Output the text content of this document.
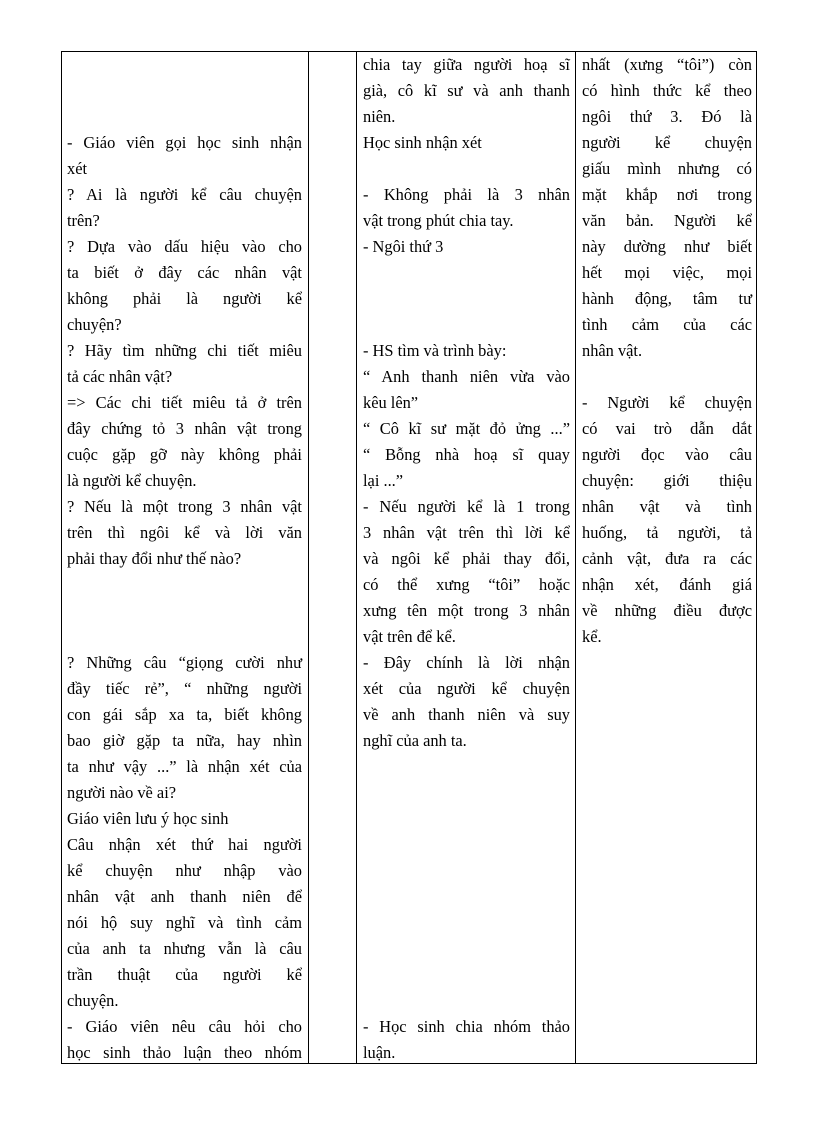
- Giáo viên gọi học sinh nhận
xét
? Ai là người kể câu chuyện
trên?
? Dựa vào dấu hiệu vào cho
ta biết ở đây các nhân vật
không phải là người kể
chuyện?
? Hãy tìm những chi tiết miêu
tả các nhân vật?
=> Các chi tiết miêu tả ở trên
đây chứng tỏ 3 nhân vật trong
cuộc gặp gỡ này không phải
là người kể chuyện.
? Nếu là một trong 3 nhân vật
trên thì ngôi kể và lời văn
phải thay đổi như thế nào?
? Những câu “giọng cười như
đầy tiếc rẻ”, “ những người
con gái sắp xa ta, biết không
bao giờ gặp ta nữa, hay nhìn
ta như vậy ...” là nhận xét của
người nào về ai?
Giáo viên lưu ý học sinh
Câu nhận xét thứ hai người
kể chuyện như nhập vào
nhân vật anh thanh niên để
nói hộ suy nghĩ và tình cảm
của anh ta nhưng vẫn là câu
trần thuật của người kể
chuyện.
- Giáo viên nêu câu hỏi cho
học sinh thảo luận theo nhóm
chia tay giữa người hoạ sĩ
già, cô kĩ sư và anh thanh
niên.
Học sinh nhận xét
- Không phải là 3 nhân
vật trong phút chia tay.
- Ngôi thứ 3
- HS tìm và trình bày:
“ Anh thanh niên vừa vào
kêu lên”
“ Cô kĩ sư mặt đỏ ửng ...”
“ Bỗng nhà hoạ sĩ quay
lại ...”
- Nếu người kể là 1 trong
3 nhân vật trên thì lời kể
và ngôi kể phải thay đổi,
có thể xưng “tôi” hoặc
xưng tên một trong 3 nhân
vật trên để kể.
- Đây chính là lời nhận
xét của người kể chuyện
về anh thanh niên và suy
nghĩ của anh ta.
- Học sinh chia nhóm thảo
luận.
nhất (xưng “tôi”) còn
có hình thức kể theo
ngôi thứ 3. Đó là
người kể chuyện
giấu mình nhưng có
mặt khắp nơi trong
văn bản. Người kể
này dường như biết
hết mọi việc, mọi
hành động, tâm tư
tình cảm của các
nhân vật.
- Người kể chuyện
có vai trò dẫn dắt
người đọc vào câu
chuyện: giới thiệu
nhân vật và tình
huống, tả người, tả
cảnh vật, đưa ra các
nhận xét, đánh giá
về những điều được
kể.
